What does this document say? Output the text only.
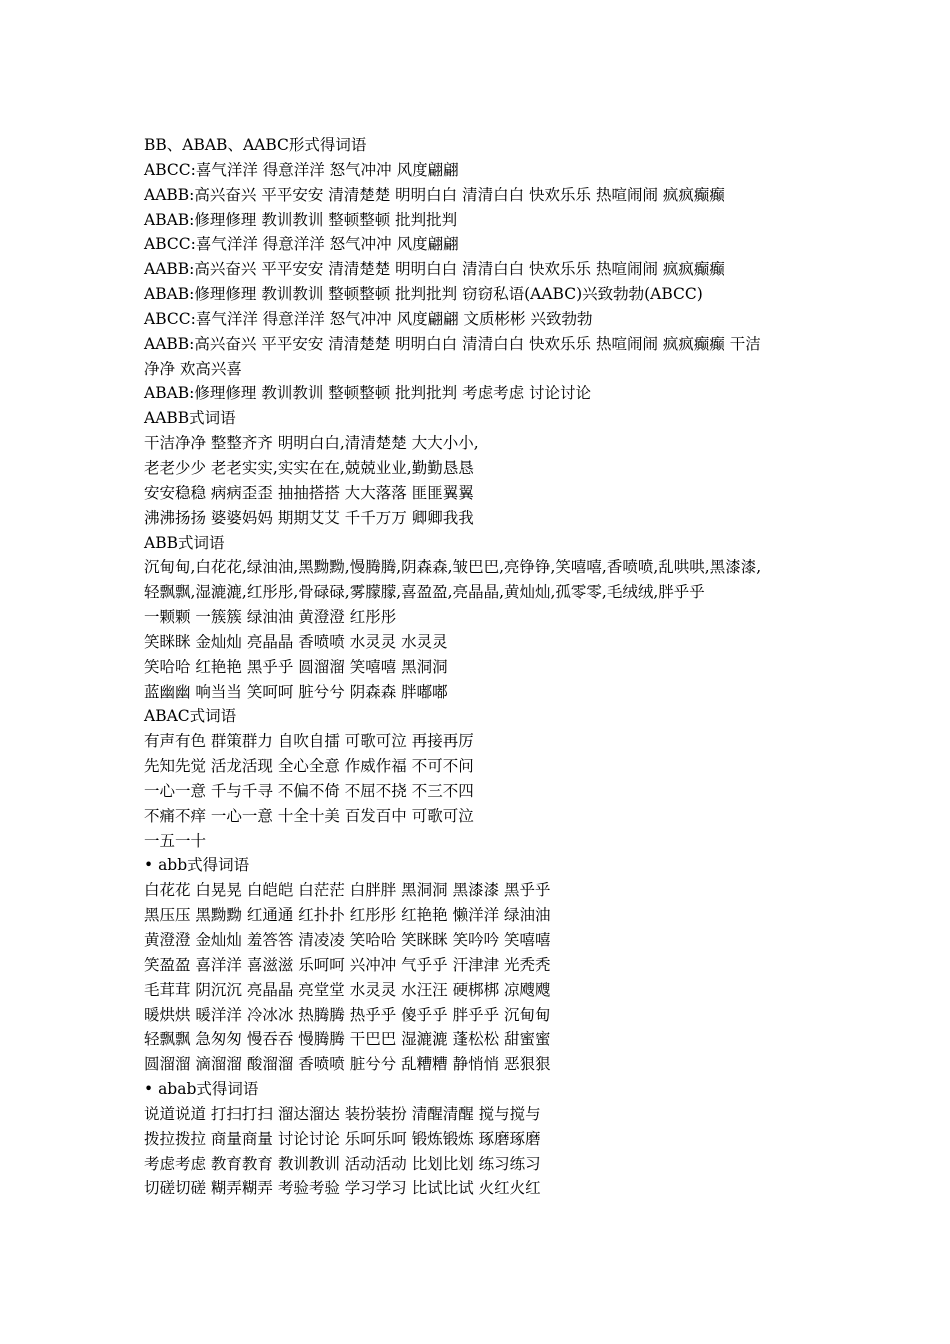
BB、ABAB、AABC形式得词语

ABCC:喜气洋洋 得意洋洋 怒气冲冲 风度翩翩

AABB:高兴奋兴 平平安安 清清楚楚 明明白白 清清白白 快欢乐乐 热喧闹闹 疯疯癫癫

ABAB:修理修理 教训教训 整顿整顿 批判批判

ABCC:喜气洋洋 得意洋洋 怒气冲冲 风度翩翩

AABB:高兴奋兴 平平安安 清清楚楚 明明白白 清清白白 快欢乐乐 热喧闹闹 疯疯癫癫

ABAB:修理修理 教训教训 整顿整顿 批判批判 窃窃私语(AABC)兴致勃勃(ABCC)

ABCC:喜气洋洋 得意洋洋 怒气冲冲 风度翩翩 文质彬彬 兴致勃勃

AABB:高兴奋兴 平平安安 清清楚楚 明明白白 清清白白 快欢乐乐 热喧闹闹 疯疯癫癫 干洁

净净 欢高兴喜

ABAB:修理修理 教训教训 整顿整顿 批判批判 考虑考虑 讨论讨论

AABB式词语

干洁净净 整整齐齐 明明白白,清清楚楚 大大小小,

老老少少 老老实实,实实在在,兢兢业业,勤勤恳恳

安安稳稳 病病歪歪 抽抽搭搭 大大落落 匪匪翼翼

沸沸扬扬 婆婆妈妈 期期艾艾 千千万万 卿卿我我

ABB式词语

沉甸甸,白花花,绿油油,黑黝黝,慢腾腾,阴森森,皱巴巴,亮铮铮,笑嘻嘻,香喷喷,乱哄哄,黑漆漆,

轻飘飘,湿漉漉,红彤彤,骨碌碌,雾朦朦,喜盈盈,亮晶晶,黄灿灿,孤零零,毛绒绒,胖乎乎

一颗颗 一簇簇 绿油油 黄澄澄 红彤彤

笑眯眯 金灿灿 亮晶晶 香喷喷 水灵灵 水灵灵

笑哈哈 红艳艳 黑乎乎 圆溜溜 笑嘻嘻 黑洞洞

蓝幽幽 响当当 笑呵呵 脏兮兮 阴森森 胖嘟嘟

ABAC式词语

有声有色 群策群力 自吹自擂 可歌可泣 再接再厉

先知先觉 活龙活现 全心全意 作威作福 不可不问

一心一意 千与千寻 不偏不倚 不屈不挠 不三不四

不痛不痒 一心一意 十全十美 百发百中 可歌可泣

一五一十

• abb式得词语

白花花 白晃晃 白皑皑 白茫茫 白胖胖 黑洞洞 黑漆漆 黑乎乎

黑压压 黑黝黝 红通通 红扑扑 红彤彤 红艳艳 懒洋洋 绿油油

黄澄澄 金灿灿 羞答答 清凌凌 笑哈哈 笑眯眯 笑吟吟 笑嘻嘻

笑盈盈 喜洋洋 喜滋滋 乐呵呵 兴冲冲 气乎乎 汗津津 光秃秃

毛茸茸 阴沉沉 亮晶晶 亮堂堂 水灵灵 水汪汪 硬梆梆 凉飕飕

暖烘烘 暖洋洋 冷冰冰 热腾腾 热乎乎 傻乎乎 胖乎乎 沉甸甸

轻飘飘 急匆匆 慢吞吞 慢腾腾 干巴巴 湿漉漉 蓬松松 甜蜜蜜

圆溜溜 滴溜溜 酸溜溜 香喷喷 脏兮兮 乱糟糟 静悄悄 恶狠狠

• abab式得词语

说道说道 打扫打扫 溜达溜达 装扮装扮 清醒清醒 搅与搅与

拨拉拨拉 商量商量 讨论讨论 乐呵乐呵 锻炼锻炼 琢磨琢磨

考虑考虑 教育教育 教训教训 活动活动 比划比划 练习练习

切磋切磋 糊弄糊弄 考验考验 学习学习 比试比试 火红火红
